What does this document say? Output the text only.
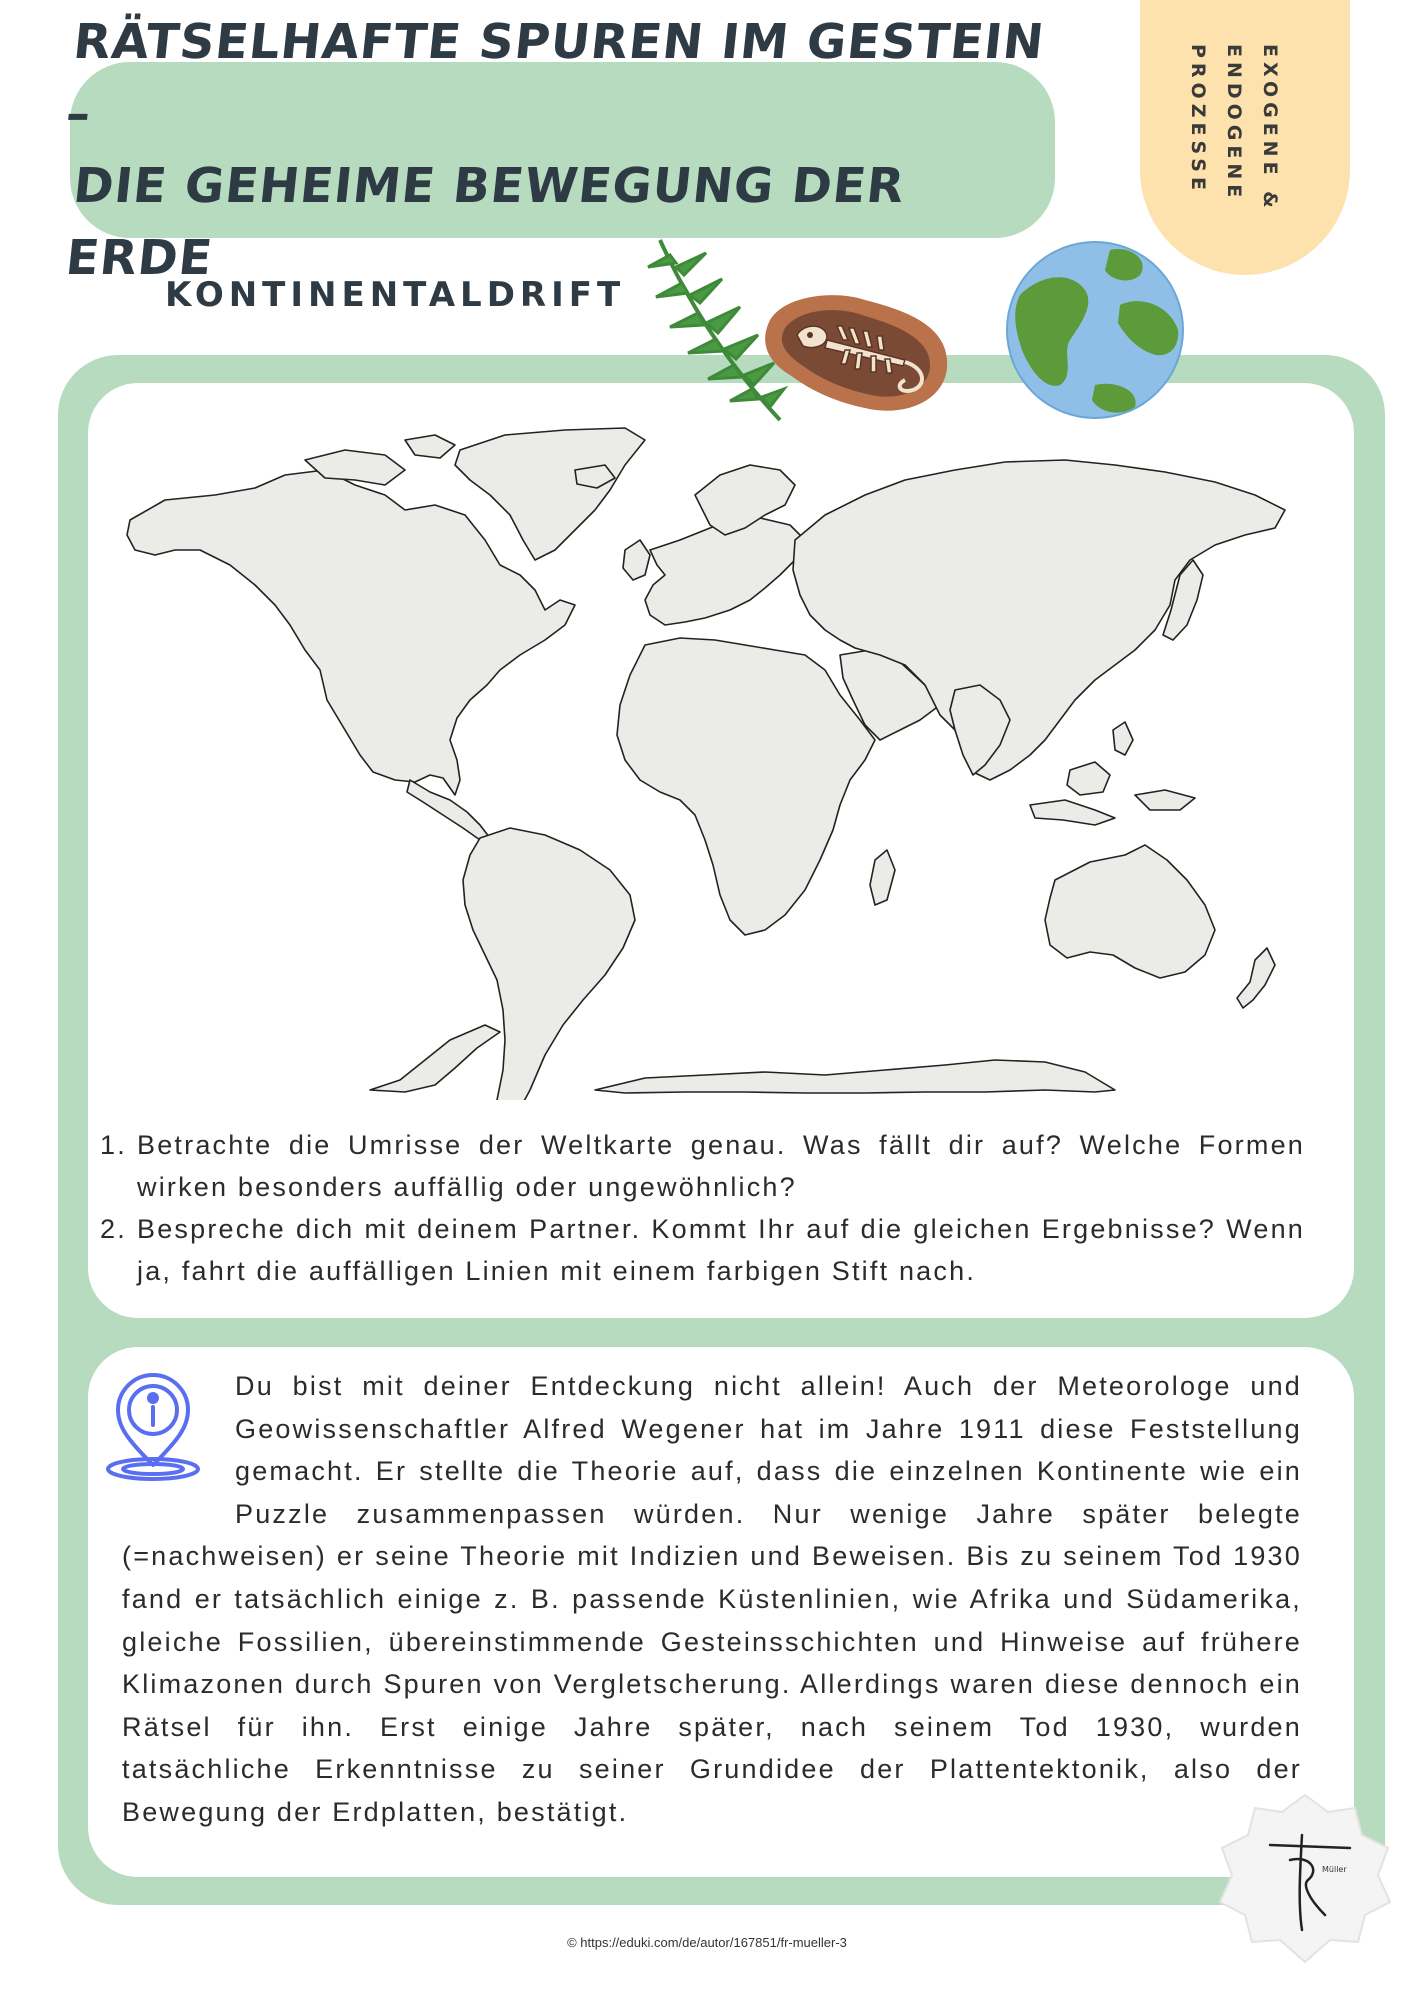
RÄTSELHAFTE SPUREN IM GESTEIN –
DIE GEHEIME BEWEGUNG DER ERDE
EXOGENE &
ENDOGENE
PROZESSE
KONTINENTALDRIFT
1. Betrachte die Umrisse der Weltkarte genau. Was fällt dir auf? Welche Formen wirken besonders auffällig oder ungewöhnlich?
2. Bespreche dich mit deinem Partner. Kommt Ihr auf die gleichen Ergebnisse? Wenn ja, fahrt die auffälligen Linien mit einem farbigen Stift nach.
Du bist mit deiner Entdeckung nicht allein! Auch der Meteorologe und Geowissenschaftler Alfred Wegener hat im Jahre 1911 diese Feststellung gemacht. Er stellte die Theorie auf, dass die einzelnen Kontinente wie ein Puzzle zusammenpassen würden. Nur wenige Jahre später belegte (=nachweisen) er seine Theorie mit Indizien und Beweisen. Bis zu seinem Tod 1930 fand er tatsächlich einige z. B. passende Küstenlinien, wie Afrika und Südamerika, gleiche Fossilien, übereinstimmende Gesteinsschichten und Hinweise auf frühere Klimazonen durch Spuren von Vergletscherung. Allerdings waren diese dennoch ein Rätsel für ihn. Erst einige Jahre später, nach seinem Tod 1930, wurden tatsächliche Erkenntnisse zu seiner Grundidee der Plattentektonik, also der Bewegung der Erdplatten, bestätigt.
Müller
© https://eduki.com/de/autor/167851/fr-mueller-3
